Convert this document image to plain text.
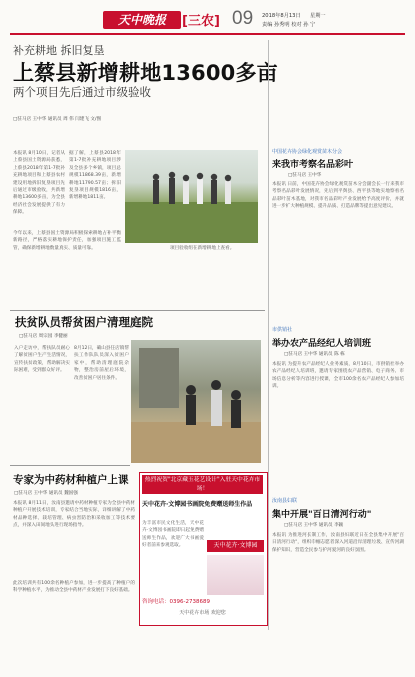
天中晚报	[三农] 09 2018年8月13日 星期一
责编 孙秀明 校对 孙 宁
补充耕地 拆旧复垦
上蔡县新增耕地13600多亩
两个项目先后通过市级验收
□驻马店 王中华 通讯员 周 伟 闫建飞 文/图
本报讯 8月10日，记者从上蔡县国土资源局获悉，上蔡县2018年第1-7批补充耕地项目和上蔡县农村建设用地拆旧复垦项目先后通过市级验收，共新增耕地13600多亩，为全县经济社会发展提供了有力保障。
据了解，上蔡县2018年第1-7批补充耕地项目涉及全县多个乡镇，项目总规模11868.39亩，新增耕地11790.57亩；拆旧复垦项目规模1816亩，新增耕地1811亩。
今年以来，上蔡县国土资源局积极探索耕地占补平衡新路径，严格落实耕地保护责任，加强项目施工监管，确保新增耕地数量真实、质量可靠。	项目验收组在新增耕地上查看。
扶贫队员帮贫困户清理庭院
□驻马店 周宗园 李健丽
8月12日，确山县任店镇帮扶工作队队员深入贫困户家中，帮助清理庭院杂物，整治房前屋后环境，改善贫困户居住条件。
入户走访中，帮扶队员耐心了解贫困户生产生活情况，宣传扶贫政策，帮助解决实际困难，受到群众好评。
专家为中药材种植户上课
□驻马店 王中华 通讯员 魏国强
本报讯 8月11日，汝南县邀请中药材种植专家为全县中药材种植户开展技术培训，专家结合当地实际，详细讲解了中药材品种选择、栽培管理、病虫害防治和采收加工等技术要点，并深入田间地头进行现场指导。
此次培训共有100余名种植户参加，进一步提高了种植户的科学种植水平，为推动全县中药材产业发展打下良好基础。
热烈祝贺"北京藏玉花艺设计"入驻天中花卉市场！
天中花卉·文博园书画院免费赠送师生作品
为丰富市民文化生活，天中花卉·文博园书画院即日起免费赠送师生作品，欢迎广大书画爱好者前来参观选取。	天中花卉·文博园
咨询电话：0396-2738689
天中花卉市场 欢迎您
中国花卉协会绿化观赏苗木分会
来我市考察名品彩叶
□驻马店 王中华
本报讯 日前，中国花卉协会绿化观赏苗木分会副会长一行来我市考察名品彩叶发展情况，先后到平舆县、西平县等地实地察看名品彩叶苗木基地，对我市名品彩叶产业发展给予高度评价，并就进一步扩大种植规模、提升品质、打造品牌等提出意见建议。
市供销社
举办农产品经纪人培训班
□驻马店 王中华 通讯员 陈 栋
本报讯 为提升农产品经纪人业务素质，8月10日，市供销社举办农产品经纪人培训班，邀请专家围绕农产品营销、电子商务、市场信息分析等内容进行授课，全市100余名农产品经纪人参加培训。
汝南县妇联
集中开展"百日清河行动"
□驻马店 王中华 通讯员 李颖
本报讯 为推进河长制工作，汝南县妇联近日在全县集中开展"百日清河行动"，组织巾帼志愿者深入河道沿岸清理垃圾、宣传河湖保护知识，营造全民参与护河爱河的良好氛围。
